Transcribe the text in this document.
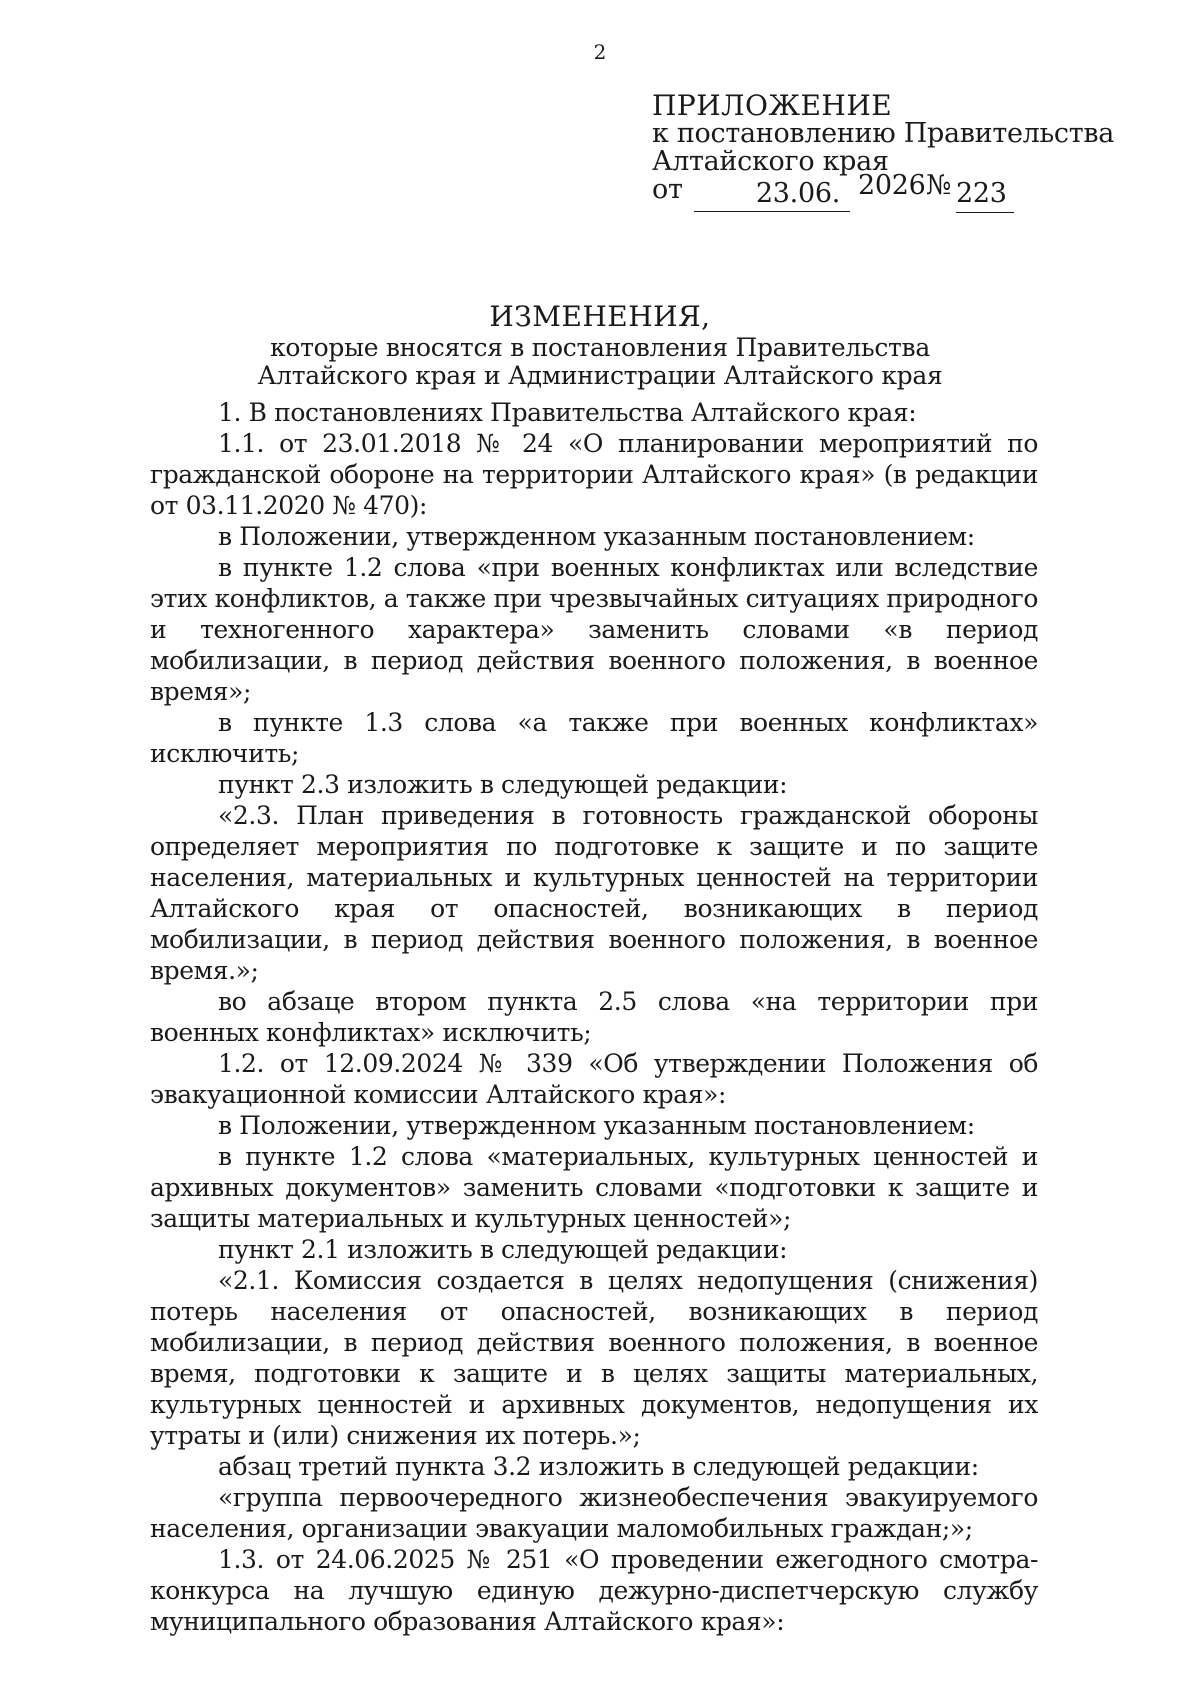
2
ПРИЛОЖЕНИЕ
к постановлению Правительства
Алтайского края
от	23.06. 2026 № 223
ИЗМЕНЕНИЯ,
которые вносятся в постановления Правительства
Алтайского края и Администрации Алтайского края

1. В постановлениях Правительства Алтайского края:

1.1. от 23.01.2018 № 24 «О планировании мероприятий по гражданской обороне на территории Алтайского края» (в редакции от 03.11.2020 № 470):

в Положении, утвержденном указанным постановлением:

в пункте 1.2 слова «при военных конфликтах или вследствие этих конфликтов, а также при чрезвычайных ситуациях природного и техногенного характера» заменить словами «в период мобилизации, в период действия военного положения, в военное время»;

в пункте 1.3 слова «а также при военных конфликтах» исключить;

пункт 2.3 изложить в следующей редакции:

«2.3. План приведения в готовность гражданской обороны определяет мероприятия по подготовке к защите и по защите населения, материальных и культурных ценностей на территории Алтайского края от опасностей, возникающих в период мобилизации, в период действия военного положения, в военное время.»;

во абзаце втором пункта 2.5 слова «на территории при военных конфликтах» исключить;

1.2. от 12.09.2024 № 339 «Об утверждении Положения об эвакуационной комиссии Алтайского края»:

в Положении, утвержденном указанным постановлением:

в пункте 1.2 слова «материальных, культурных ценностей и архивных документов» заменить словами «подготовки к защите и защиты материальных и культурных ценностей»;

пункт 2.1 изложить в следующей редакции:

«2.1. Комиссия создается в целях недопущения (снижения) потерь населения от опасностей, возникающих в период мобилизации, в период действия военного положения, в военное время, подготовки к защите и в целях защиты материальных, культурных ценностей и архивных документов, недопущения их утраты и (или) снижения их потерь.»;

абзац третий пункта 3.2 изложить в следующей редакции:

«группа первоочередного жизнеобеспечения эвакуируемого населения, организации эвакуации маломобильных граждан;»;

1.3. от 24.06.2025 № 251 «О проведении ежегодного смотра-конкурса на лучшую единую дежурно-диспетчерскую службу муниципального образования Алтайского края»:
